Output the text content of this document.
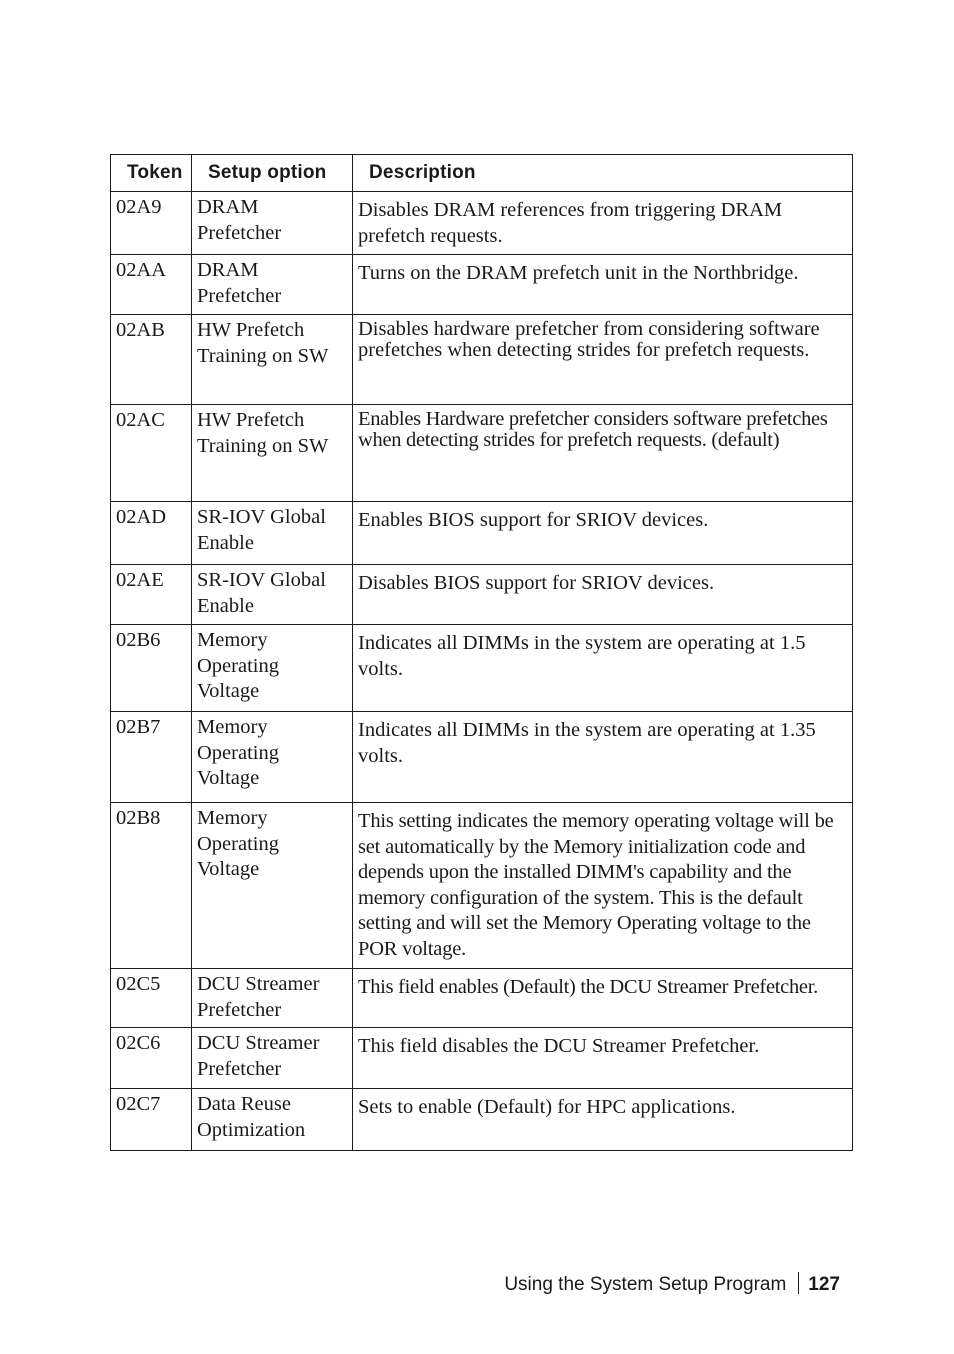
Token	Setup option	Description
02A9	DRAM Prefetcher	Disables DRAM references from triggering DRAM prefetch requests.
02AA	DRAM Prefetcher	Turns on the DRAM prefetch unit in the Northbridge.
02AB	HW Prefetch Training on SW	Disables hardware prefetcher from considering software prefetches when detecting strides for prefetch requests.
02AC	HW Prefetch Training on SW	Enables Hardware prefetcher considers software prefetches when detecting strides for prefetch requests. (default)
02AD	SR-IOV Global Enable	Enables BIOS support for SRIOV devices.
02AE	SR-IOV Global Enable	Disables BIOS support for SRIOV devices.
02B6	Memory Operating Voltage	Indicates all DIMMs in the system are operating at 1.5 volts.
02B7	Memory Operating Voltage	Indicates all DIMMs in the system are operating at 1.35 volts.
02B8	Memory Operating Voltage	This setting indicates the memory operating voltage will be set automatically by the Memory initialization code and depends upon the installed DIMM's capability and the memory configuration of the system. This is the default setting and will set the Memory Operating voltage to the POR voltage.
02C5	DCU Streamer Prefetcher	This field enables (Default) the DCU Streamer Prefetcher.
02C6	DCU Streamer Prefetcher	This field disables the DCU Streamer Prefetcher.
02C7	Data Reuse Optimization	Sets to enable (Default) for HPC applications.
Using the System Setup Program 127
